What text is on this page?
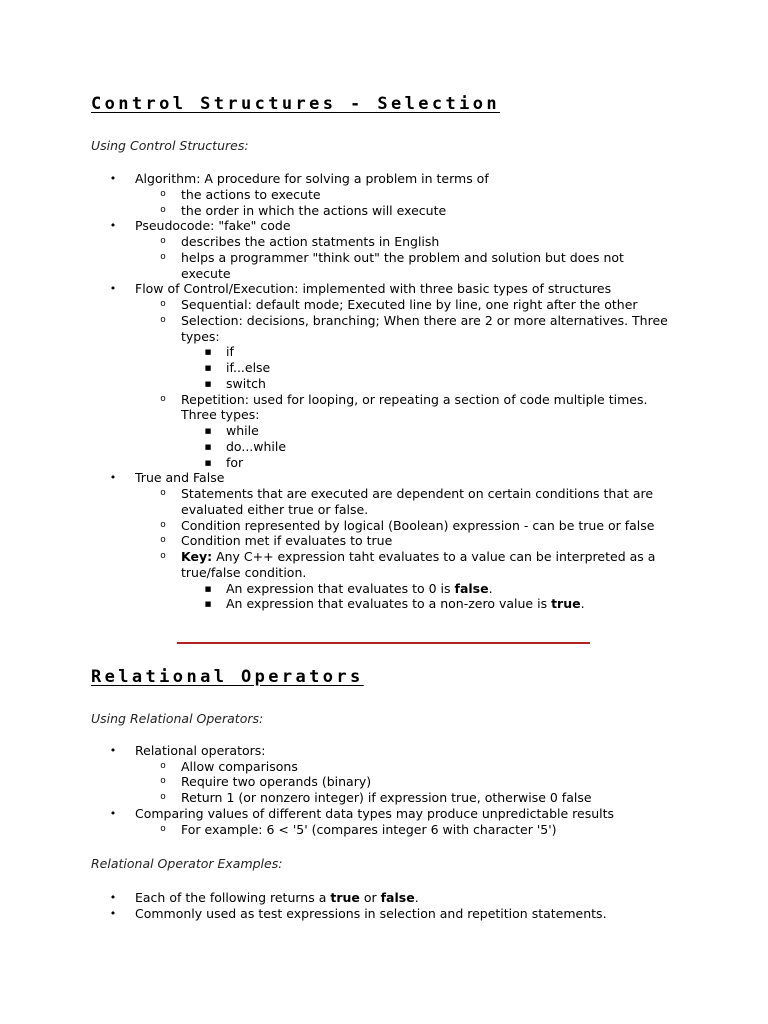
Control Structures - Selection
Using Control Structures:
• Algorithm: A procedure for solving a problem in terms of
o the actions to execute
o the order in which the actions will execute
• Pseudocode: "fake" code
o describes the action statments in English
o helps a programmer "think out" the problem and solution but does not
execute
• Flow of Control/Execution: implemented with three basic types of structures
o Sequential: default mode; Executed line by line, one right after the other
o Selection: decisions, branching; When there are 2 or more alternatives. Three
types:
■ if
■ if...else
■ switch
o Repetition: used for looping, or repeating a section of code multiple times.
Three types:
■ while
■ do...while
■ for
• True and False
o Statements that are executed are dependent on certain conditions that are
evaluated either true or false.
o Condition represented by logical (Boolean) expression - can be true or false
o Condition met if evaluates to true
o Key: Any C++ expression taht evaluates to a value can be interpreted as a
true/false condition.
■ An expression that evaluates to 0 is false.
■ An expression that evaluates to a non-zero value is true.
Relational Operators
Using Relational Operators:
• Relational operators:
o Allow comparisons
o Require two operands (binary)
o Return 1 (or nonzero integer) if expression true, otherwise 0 false
• Comparing values of different data types may produce unpredictable results
o For example: 6 < '5' (compares integer 6 with character '5')
Relational Operator Examples:
• Each of the following returns a true or false.
• Commonly used as test expressions in selection and repetition statements.
